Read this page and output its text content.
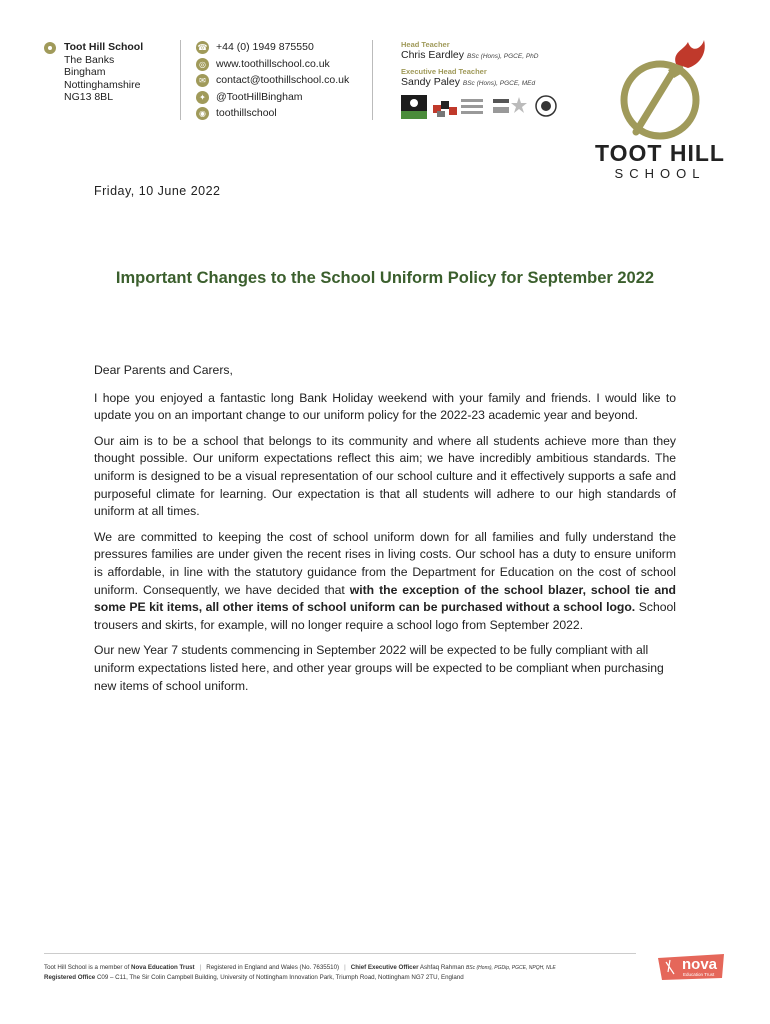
Toot Hill School
The Banks
Bingham
Nottinghamshire
NG13 8BL
☎ +44 (0) 1949 875550
◎ www.toothillschool.co.uk
✉ contact@toothillschool.co.uk
✦ @TootHillBingham
◉ toothillschool
Head Teacher
Chris Eardley BSc (Hons), PGCE, PhD
Executive Head Teacher
Sandy Paley BSc (Hons), PGCE, MEd
TOOT HILL
SCHOOL
Friday, 10 June 2022
Important Changes to the School Uniform Policy for September 2022

Dear Parents and Carers,

I hope you enjoyed a fantastic long Bank Holiday weekend with your family and friends. I would like to update you on an important change to our uniform policy for the 2022-23 academic year and beyond.

Our aim is to be a school that belongs to its community and where all students achieve more than they thought possible. Our uniform expectations reflect this aim; we have incredibly ambitious standards. The uniform is designed to be a visual representation of our school culture and it effectively supports a safe and purposeful climate for learning. Our expectation is that all students will adhere to our high standards of uniform at all times.

We are committed to keeping the cost of school uniform down for all families and fully understand the pressures families are under given the recent rises in living costs. Our school has a duty to ensure uniform is affordable, in line with the statutory guidance from the Department for Education on the cost of school uniform. Consequently, we have decided that with the exception of the school blazer, school tie and some PE kit items, all other items of school uniform can be purchased without a school logo. School trousers and skirts, for example, will no longer require a school logo from September 2022.

Our new Year 7 students commencing in September 2022 will be expected to be fully compliant with all uniform expectations listed here, and other year groups will be expected to be compliant when purchasing new items of school uniform.

Toot Hill School is a member of Nova Education Trust | Registered in England and Wales (No. 7635510) | Chief Executive Officer Ashfaq Rahman BSc (Hons), PGDip, PGCE, NPQH, NLE
Registered Office C09 – C11, The Sir Colin Campbell Building, University of Nottingham Innovation Park, Triumph Road, Nottingham NG7 2TU, England
nova
Education Trust
